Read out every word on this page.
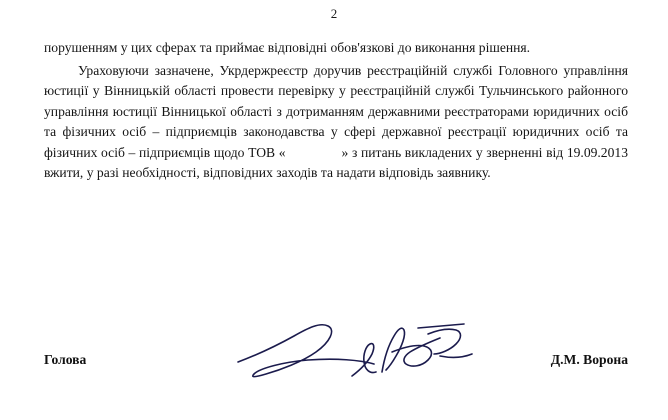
2

порушенням у цих сферах та приймає відповідні обов'язкові до виконання рішення.

Ураховуючи зазначене, Укрдержреєстр доручив реєстраційній службі Головного управління юстиції у Вінницькій області провести перевірку у реєстраційній службі Тульчинського районного управління юстиції Вінницької області з дотриманням державними реєстраторами юридичних осіб та фізичних осіб – підприємців законодавства у сфері державної реєстрації юридичних осіб та фізичних осіб – підприємців щодо ТОВ «	» з питань викладених у зверненні від 19.09.2013 вжити, у разі необхідності, відповідних заходів та надати відповідь заявнику.

Голова	Д.М. Ворона
